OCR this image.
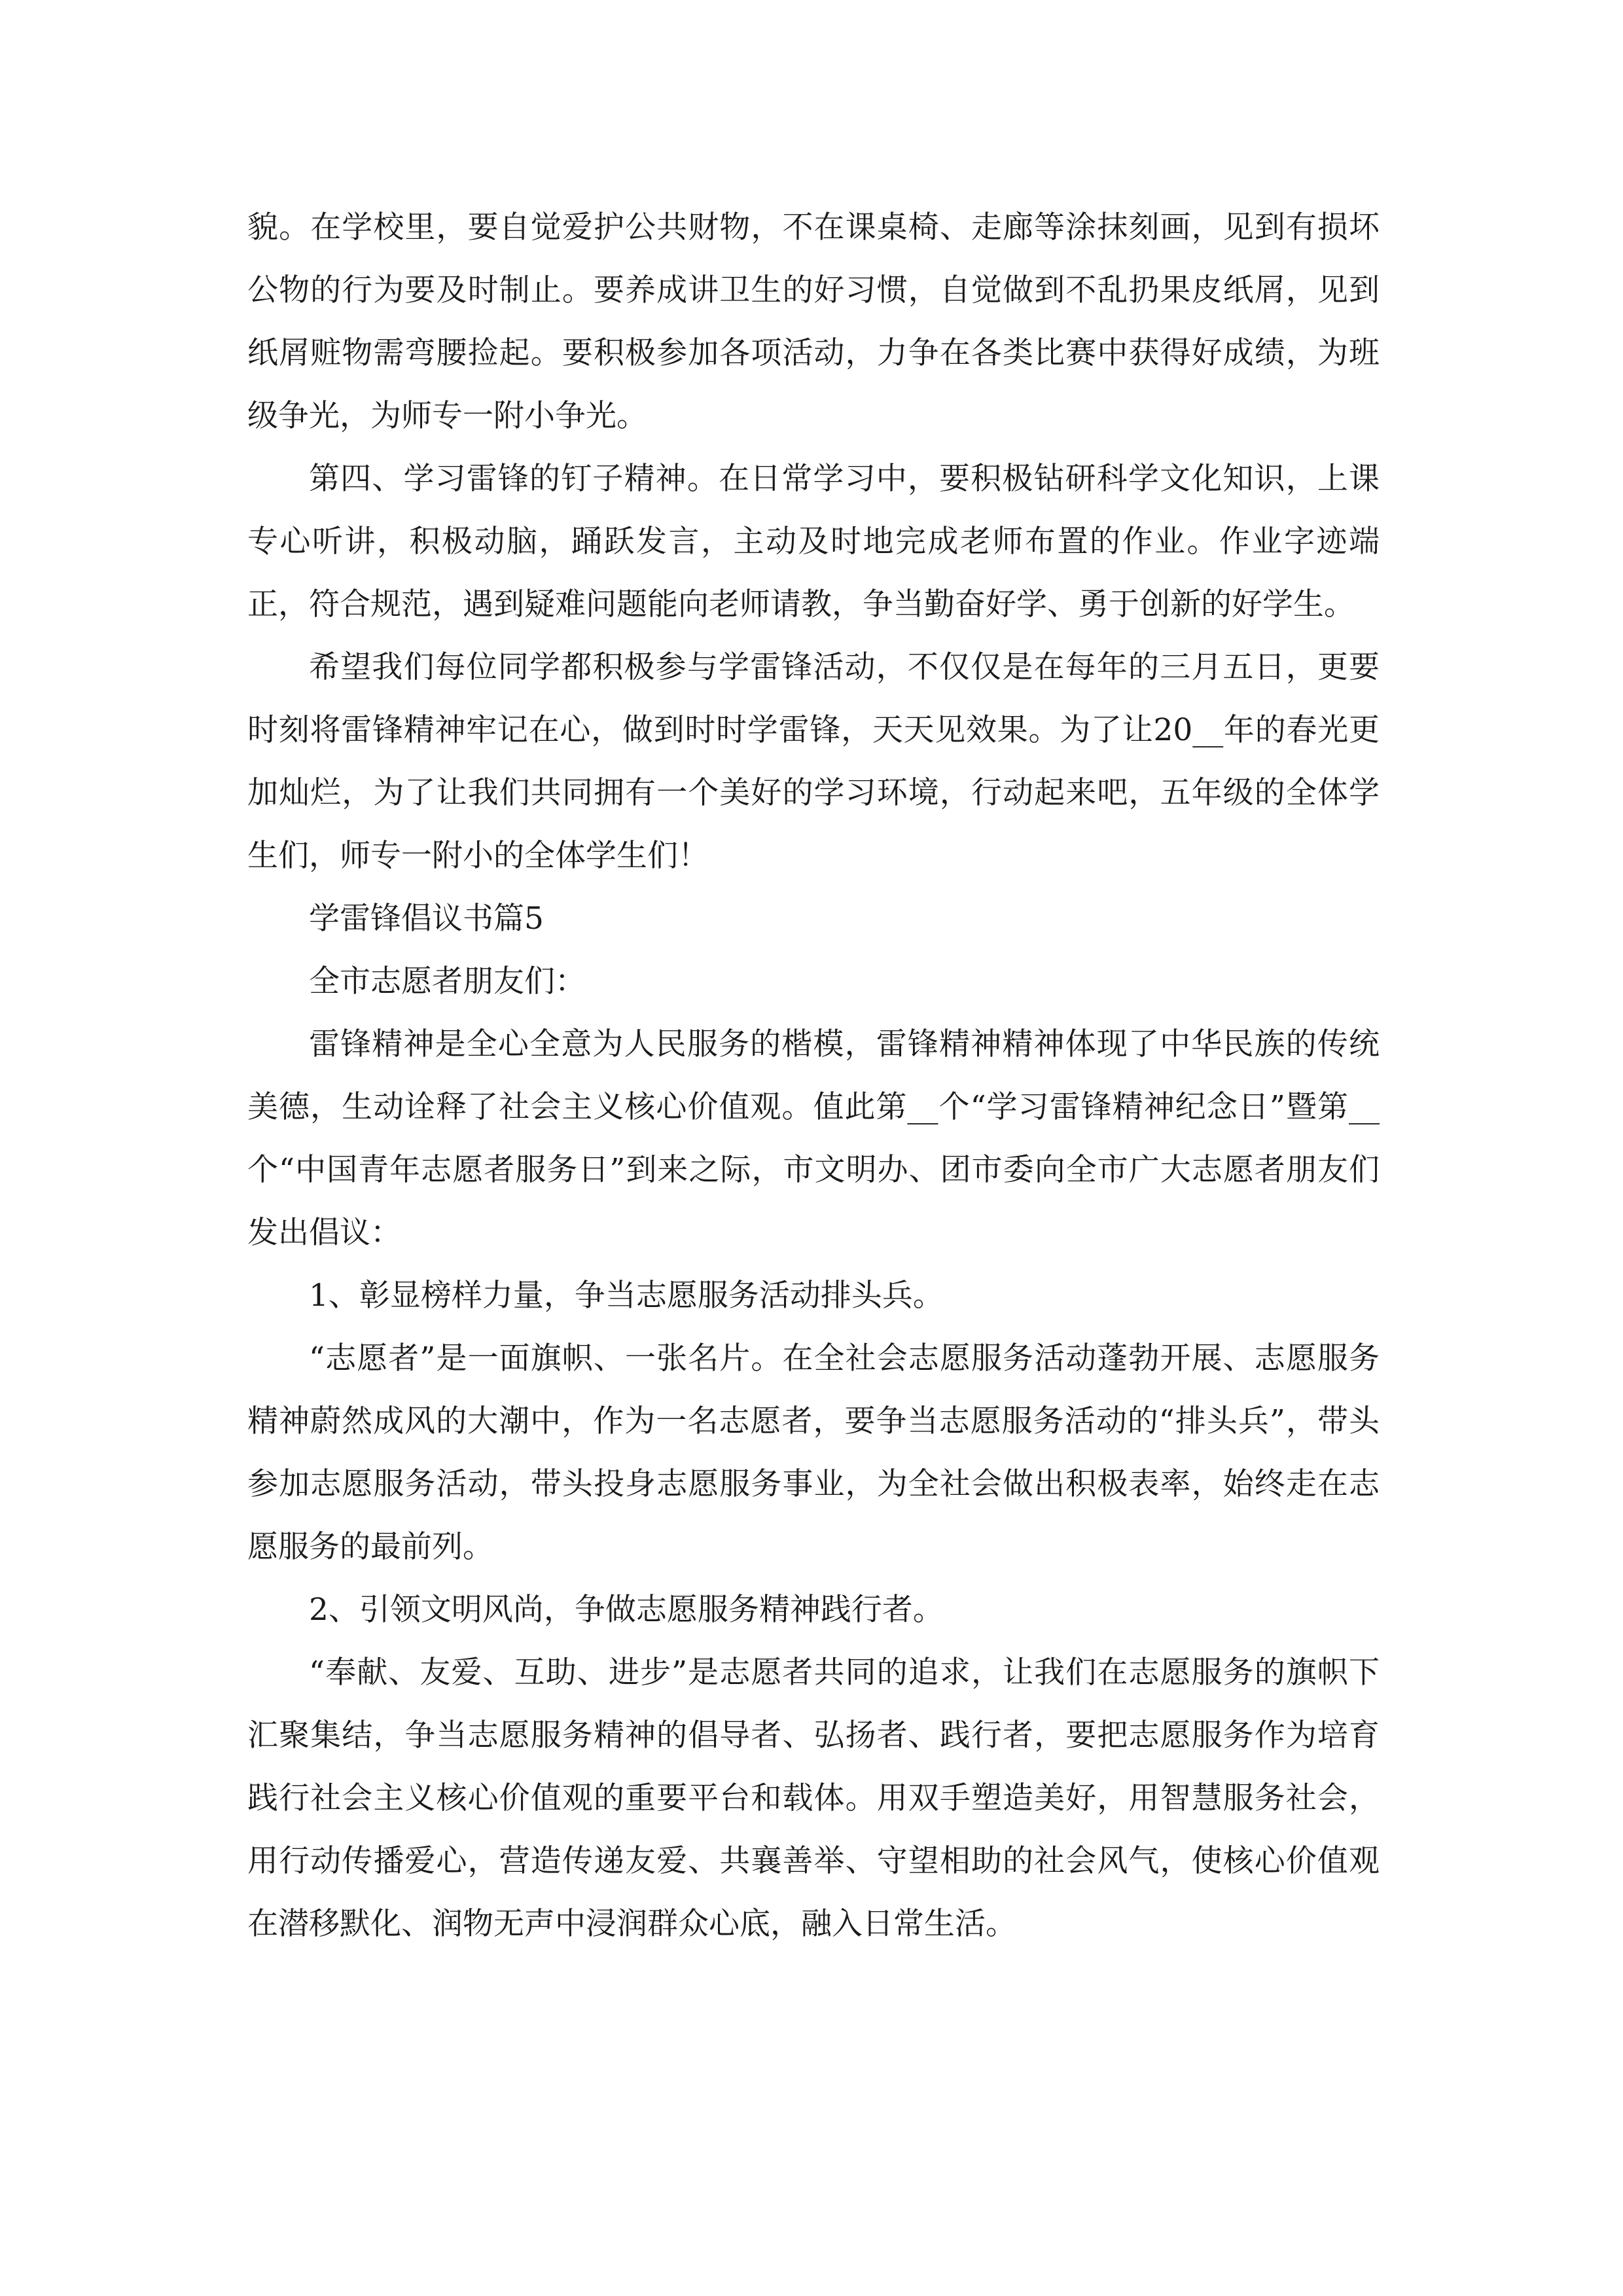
貌。在学校里，要自觉爱护公共财物，不在课桌椅、走廊等涂抹刻画，见到有损坏公物的行为要及时制止。要养成讲卫生的好习惯，自觉做到不乱扔果皮纸屑，见到纸屑赃物需弯腰捡起。要积极参加各项活动，力争在各类比赛中获得好成绩，为班级争光，为师专一附小争光。

第四、学习雷锋的钉子精神。在日常学习中，要积极钻研科学文化知识，上课专心听讲，积极动脑，踊跃发言，主动及时地完成老师布置的作业。作业字迹端正，符合规范，遇到疑难问题能向老师请教，争当勤奋好学、勇于创新的好学生。

希望我们每位同学都积极参与学雷锋活动，不仅仅是在每年的三月五日，更要时刻将雷锋精神牢记在心，做到时时学雷锋，天天见效果。为了让20__年的春光更加灿烂，为了让我们共同拥有一个美好的学习环境，行动起来吧，五年级的全体学生们，师专一附小的全体学生们！

学雷锋倡议书篇5

全市志愿者朋友们：

雷锋精神是全心全意为人民服务的楷模，雷锋精神精神体现了中华民族的传统美德，生动诠释了社会主义核心价值观。值此第__个“学习雷锋精神纪念日”暨第__个“中国青年志愿者服务日”到来之际，市文明办、团市委向全市广大志愿者朋友们发出倡议：

1、彰显榜样力量，争当志愿服务活动排头兵。

“志愿者”是一面旗帜、一张名片。在全社会志愿服务活动蓬勃开展、志愿服务精神蔚然成风的大潮中，作为一名志愿者，要争当志愿服务活动的“排头兵”，带头参加志愿服务活动，带头投身志愿服务事业，为全社会做出积极表率，始终走在志愿服务的最前列。

2、引领文明风尚，争做志愿服务精神践行者。

“奉献、友爱、互助、进步”是志愿者共同的追求，让我们在志愿服务的旗帜下汇聚集结，争当志愿服务精神的倡导者、弘扬者、践行者，要把志愿服务作为培育践行社会主义核心价值观的重要平台和载体。用双手塑造美好，用智慧服务社会，用行动传播爱心，营造传递友爱、共襄善举、守望相助的社会风气，使核心价值观在潜移默化、润物无声中浸润群众心底，融入日常生活。
